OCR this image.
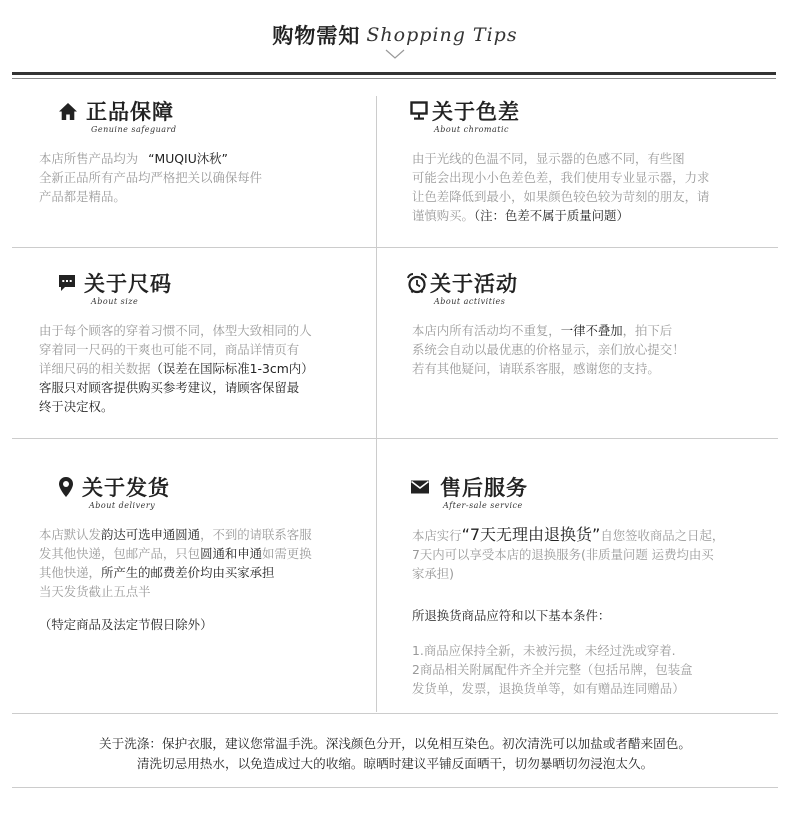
购物需知 Shopping Tips
正品保障
Genuine safeguard
本店所售产品均为 “MUQIU沐秋”
全新正品所有产品均严格把关以确保每件
产品都是精品。
关于色差
About chromatic
由于光线的色温不同，显示器的色感不同，有些图
可能会出现小小色差色差，我们使用专业显示器，力求
让色差降低到最小，如果颜色较色较为苛刻的朋友，请
谨慎购买。（注：色差不属于质量问题）
关于尺码
About size
由于每个顾客的穿着习惯不同，体型大致相同的人
穿着同一尺码的干爽也可能不同，商品详情页有
详细尺码的相关数据（误差在国际标准1-3cm内）
客服只对顾客提供购买参考建议，请顾客保留最
终于决定权。
关于活动
About activities
本店内所有活动均不重复，一律不叠加，拍下后
系统会自动以最优惠的价格显示，亲们放心提交！
若有其他疑问，请联系客服，感谢您的支持。
关于发货
About delivery
本店默认发韵达可选申通圆通，不到的请联系客服
发其他快递，包邮产品，只包圆通和申通如需更换
其他快递，所产生的邮费差价均由买家承担
当天发货截止五点半
（特定商品及法定节假日除外）
售后服务
After-sale service
本店实行“7天无理由退换货”自您签收商品之日起，
7天内可以享受本店的退换服务(非质量问题 运费均由买
家承担)
所退换货商品应符和以下基本条件：
1.商品应保持全新，未被污损，未经过洗或穿着.
2商品相关附属配件齐全并完整（包括吊牌，包装盒
发货单，发票，退换货单等，如有赠品连同赠品）
关于洗涤：保护衣服，建议您常温手洗。深浅颜色分开，以免相互染色。初次清洗可以加盐或者醋来固色。
清洗切忌用热水，以免造成过大的收缩。晾晒时建议平铺反面晒干，切勿暴晒切勿浸泡太久。
